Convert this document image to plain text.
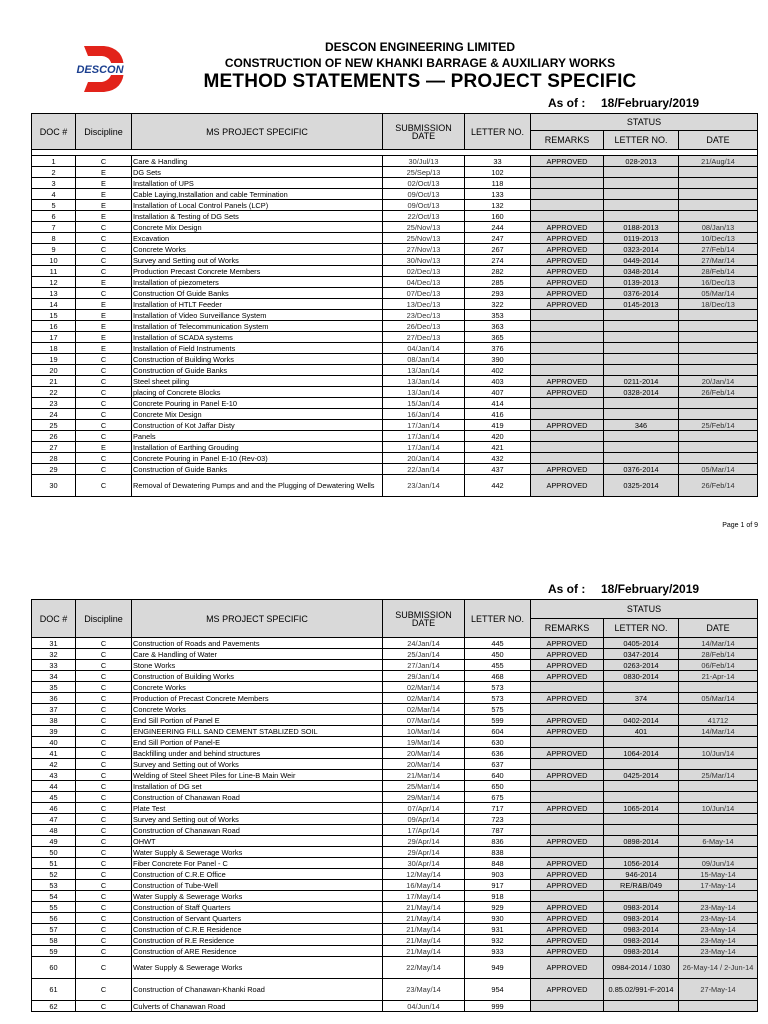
DESCON
DESCON ENGINEERING LIMITED
CONSTRUCTION OF NEW KHANKI BARRAGE & AUXILIARY WORKS
METHOD STATEMENTS — PROJECT SPECIFIC
As of : 18/February/2019
DOC #	Discipline	MS PROJECT SPECIFIC	SUBMISSION DATE	LETTER NO.	STATUS		
					REMARKS	LETTER NO.	DATE

1	C	Care & Handling	30/Jul/13	33	APPROVED	028-2013	21/Aug/14
2	E	DG Sets	25/Sep/13	102			
3	E	Installation of UPS	02/Oct/13	118			
4	E	Cable Laying,Installation and cable Termination	09/Oct/13	133			
5	E	Installation of Local Control Panels (LCP)	09/Oct/13	132			
6	E	Installation & Testing of DG Sets	22/Oct/13	160			
7	C	Concrete Mix Design	25/Nov/13	244	APPROVED	0188-2013	08/Jan/13
8	C	Excavation	25/Nov/13	247	APPROVED	0119-2013	10/Dec/13
9	C	Concrete Works	27/Nov/13	267	APPROVED	0323-2014	27/Feb/14
10	C	Survey and Setting out of Works	30/Nov/13	274	APPROVED	0449-2014	27/Mar/14
11	C	Production Precast Concrete Members	02/Dec/13	282	APPROVED	0348-2014	28/Feb/14
12	E	Installation of piezometers	04/Dec/13	285	APPROVED	0139-2013	16/Dec/13
13	C	Construction Of Guide Banks	07/Dec/13	293	APPROVED	0376-2014	05/Mar/14
14	E	Installation of HTLT Feeder	13/Dec/13	322	APPROVED	0145-2013	18/Dec/13
15	E	Installation of Video Surveillance System	23/Dec/13	353			
16	E	Installation of Telecommunication System	26/Dec/13	363			
17	E	Installation of SCADA systems	27/Dec/13	365			
18	E	Installation of Field Instruments	04/Jan/14	376			
19	C	Construction of Building Works	08/Jan/14	390			
20	C	Construction of Guide Banks	13/Jan/14	402			
21	C	Steel sheet piling	13/Jan/14	403	APPROVED	0211-2014	20/Jan/14
22	C	placing of Concrete Blocks	13/Jan/14	407	APPROVED	0328-2014	26/Feb/14
23	C	Concrete Pouring in Panel E-10	15/Jan/14	414			
24	C	Concrete Mix Design	16/Jan/14	416			
25	C	Construction of Kot Jaffar Disty	17/Jan/14	419	APPROVED	346	25/Feb/14
26	C	Panels	17/Jan/14	420			
27	E	Installation of Earthing Grouding	17/Jan/14	421			
28	C	Concrete Pouring in Panel E-10 (Rev-03)	20/Jan/14	432			
29	C	Construction of Guide Banks	22/Jan/14	437	APPROVED	0376-2014	05/Mar/14
30	C	Removal of Dewatering Pumps and and the Plugging of Dewatering Wells	23/Jan/14	442	APPROVED	0325-2014	26/Feb/14
Page 1 of 9
As of : 18/February/2019
DOC #	Discipline	MS PROJECT SPECIFIC	SUBMISSION DATE	LETTER NO.	STATUS		
					REMARKS	LETTER NO.	DATE
31	C	Construction of Roads and Pavements	24/Jan/14	445	APPROVED	0405-2014	14/Mar/14
32	C	Care & Handling of Water	25/Jan/14	450	APPROVED	0347-2014	28/Feb/14
33	C	Stone Works	27/Jan/14	455	APPROVED	0263-2014	06/Feb/14
34	C	Construction of Building Works	29/Jan/14	468	APPROVED	0830-2014	21-Apr-14
35	C	Concrete Works	02/Mar/14	573			
36	C	Production of Precast Concrete Members	02/Mar/14	573	APPROVED	374	05/Mar/14
37	C	Concrete Works	02/Mar/14	575			
38	C	End Sill Portion of Panel E	07/Mar/14	599	APPROVED	0402-2014	41712
39	C	ENGINEERING FILL SAND CEMENT STABLIZED SOIL	10/Mar/14	604	APPROVED	401	14/Mar/14
40	C	End Sill Portion of Panel-E	19/Mar/14	630			
41	C	Backfilling under and behind structures	20/Mar/14	636	APPROVED	1064-2014	10/Jun/14
42	C	Survey and Setting out of Works	20/Mar/14	637			
43	C	Welding of Steel Sheet Piles for Line-B Main Weir	21/Mar/14	640	APPROVED	0425-2014	25/Mar/14
44	C	Installation of DG set	25/Mar/14	650			
45	C	Construction of Chanawan Road	29/Mar/14	675			
46	C	Plate Test	07/Apr/14	717	APPROVED	1065-2014	10/Jun/14
47	C	Survey and Setting out of Works	09/Apr/14	723			
48	C	Construction of Chanawan Road	17/Apr/14	787			
49	C	OHWT	29/Apr/14	836	APPROVED	0898-2014	6-May-14
50	C	Water Supply & Sewerage Works	29/Apr/14	838			
51	C	Fiber Concrete For Panel - C	30/Apr/14	848	APPROVED	1056-2014	09/Jun/14
52	C	Construction of C.R.E Office	12/May/14	903	APPROVED	946-2014	15-May-14
53	C	Construction of Tube-Well	16/May/14	917	APPROVED	RE/R&B/049	17-May-14
54	C	Water Supply & Sewerage Works	17/May/14	918			
55	C	Construction of Staff Quarters	21/May/14	929	APPROVED	0983-2014	23-May-14
56	C	Construction of Servant Quarters	21/May/14	930	APPROVED	0983-2014	23-May-14
57	C	Construction of C.R.E Residence	21/May/14	931	APPROVED	0983-2014	23-May-14
58	C	Construction of R.E Residence	21/May/14	932	APPROVED	0983-2014	23-May-14
59	C	Construction of ARE Residence	21/May/14	933	APPROVED	0983-2014	23-May-14
60	C	Water Supply & Sewerage Works	22/May/14	949	APPROVED	0984-2014 / 1030	26-May-14 / 2-Jun-14
61	C	Construction of Chanawan-Khanki Road	23/May/14	954	APPROVED	0.85.02/991-F-2014	27-May-14
62	C	Culverts of Chanawan Road	04/Jun/14	999			
